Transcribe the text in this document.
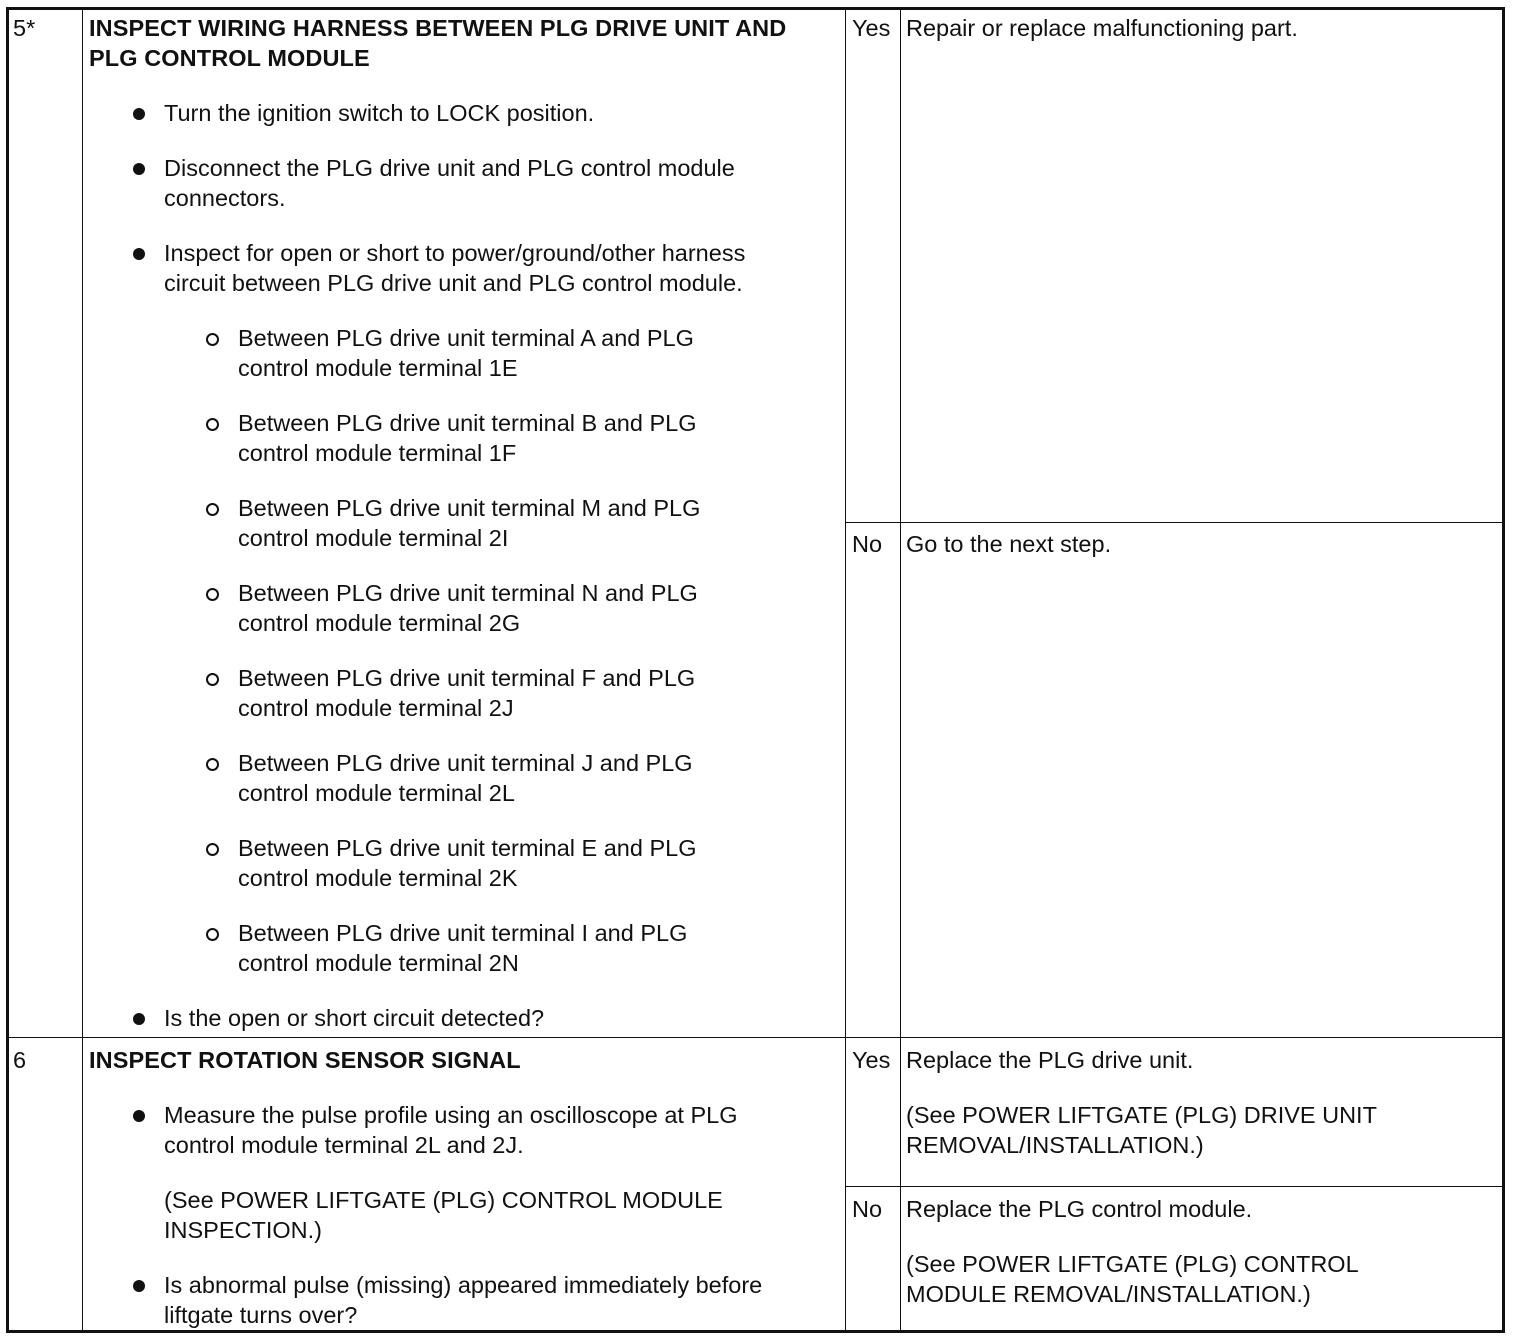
5* INSPECT WIRING HARNESS BETWEEN PLG DRIVE UNIT AND
PLG CONTROL MODULE
Turn the ignition switch to LOCK position.
Disconnect the PLG drive unit and PLG control module
connectors.
Inspect for open or short to power/ground/other harness
circuit between PLG drive unit and PLG control module.
Between PLG drive unit terminal A and PLG
control module terminal 1E
Between PLG drive unit terminal B and PLG
control module terminal 1F
Between PLG drive unit terminal M and PLG
control module terminal 2I
Between PLG drive unit terminal N and PLG
control module terminal 2G
Between PLG drive unit terminal F and PLG
control module terminal 2J
Between PLG drive unit terminal J and PLG
control module terminal 2L
Between PLG drive unit terminal E and PLG
control module terminal 2K
Between PLG drive unit terminal I and PLG
control module terminal 2N
Is the open or short circuit detected?
Yes Repair or replace malfunctioning part.
No Go to the next step.
6	INSPECT ROTATION SENSOR SIGNAL
Measure the pulse profile using an oscilloscope at PLG
control module terminal 2L and 2J.
(See POWER LIFTGATE (PLG) CONTROL MODULE
INSPECTION.)
Is abnormal pulse (missing) appeared immediately before
liftgate turns over?
Yes Replace the PLG drive unit.
(See POWER LIFTGATE (PLG) DRIVE UNIT
REMOVAL/INSTALLATION.)
No Replace the PLG control module.
(See POWER LIFTGATE (PLG) CONTROL
MODULE REMOVAL/INSTALLATION.)
